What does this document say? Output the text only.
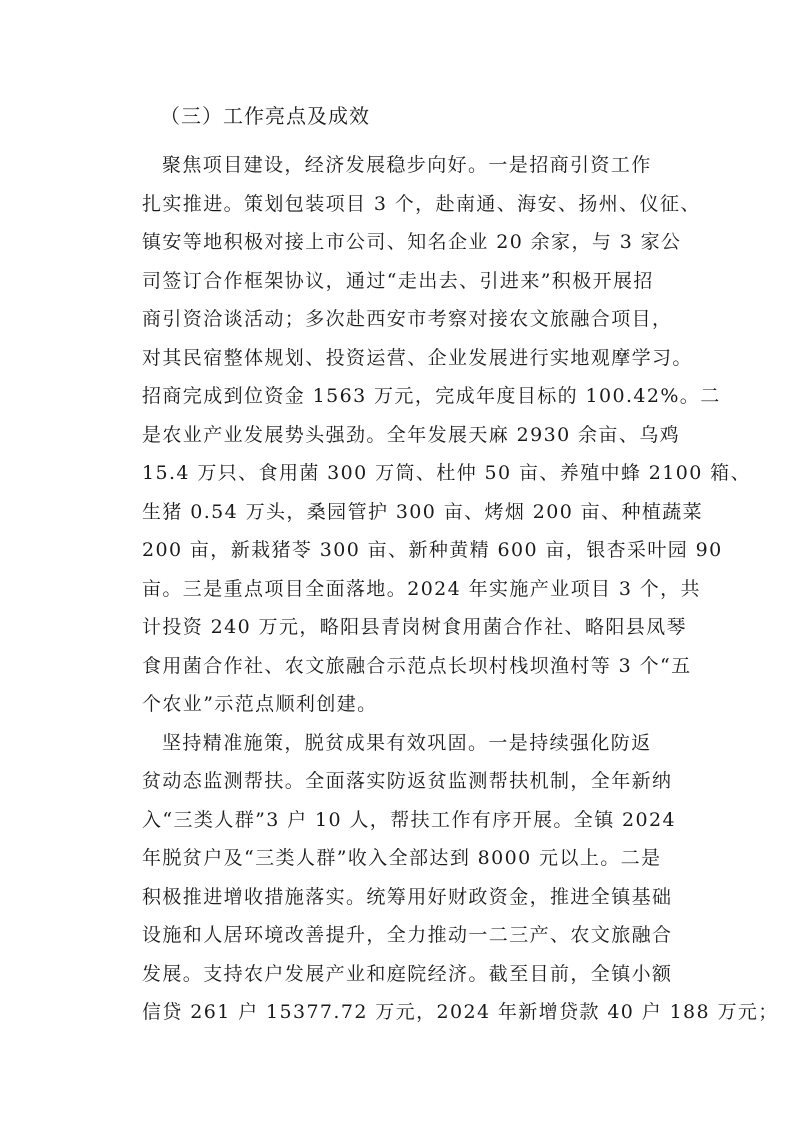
（三）工作亮点及成效
聚焦项目建设，经济发展稳步向好。一是招商引资工作
扎实推进。策划包装项目 3 个，赴南通、海安、扬州、仪征、
镇安等地积极对接上市公司、知名企业 20 余家，与 3 家公
司签订合作框架协议，通过“走出去、引进来”积极开展招
商引资洽谈活动；多次赴西安市考察对接农文旅融合项目，
对其民宿整体规划、投资运营、企业发展进行实地观摩学习。
招商完成到位资金 1563 万元，完成年度目标的 100.42%。二
是农业产业发展势头强劲。全年发展天麻 2930 余亩、乌鸡
15.4 万只、食用菌 300 万筒、杜仲 50 亩、养殖中蜂 2100 箱、
生猪 0.54 万头，桑园管护 300 亩、烤烟 200 亩、种植蔬菜
200 亩，新栽猪苓 300 亩、新种黄精 600 亩，银杏采叶园 90
亩。三是重点项目全面落地。2024 年实施产业项目 3 个，共
计投资 240 万元，略阳县青岗树食用菌合作社、略阳县凤琴
食用菌合作社、农文旅融合示范点长坝村栈坝渔村等 3 个“五
个农业”示范点顺利创建。
坚持精准施策，脱贫成果有效巩固。一是持续强化防返
贫动态监测帮扶。全面落实防返贫监测帮扶机制，全年新纳
入“三类人群”3 户 10 人，帮扶工作有序开展。全镇 2024
年脱贫户及“三类人群”收入全部达到 8000 元以上。二是
积极推进增收措施落实。统筹用好财政资金，推进全镇基础
设施和人居环境改善提升，全力推动一二三产、农文旅融合
发展。支持农户发展产业和庭院经济。截至目前，全镇小额
信贷 261 户 15377.72 万元，2024 年新增贷款 40 户 188 万元；
